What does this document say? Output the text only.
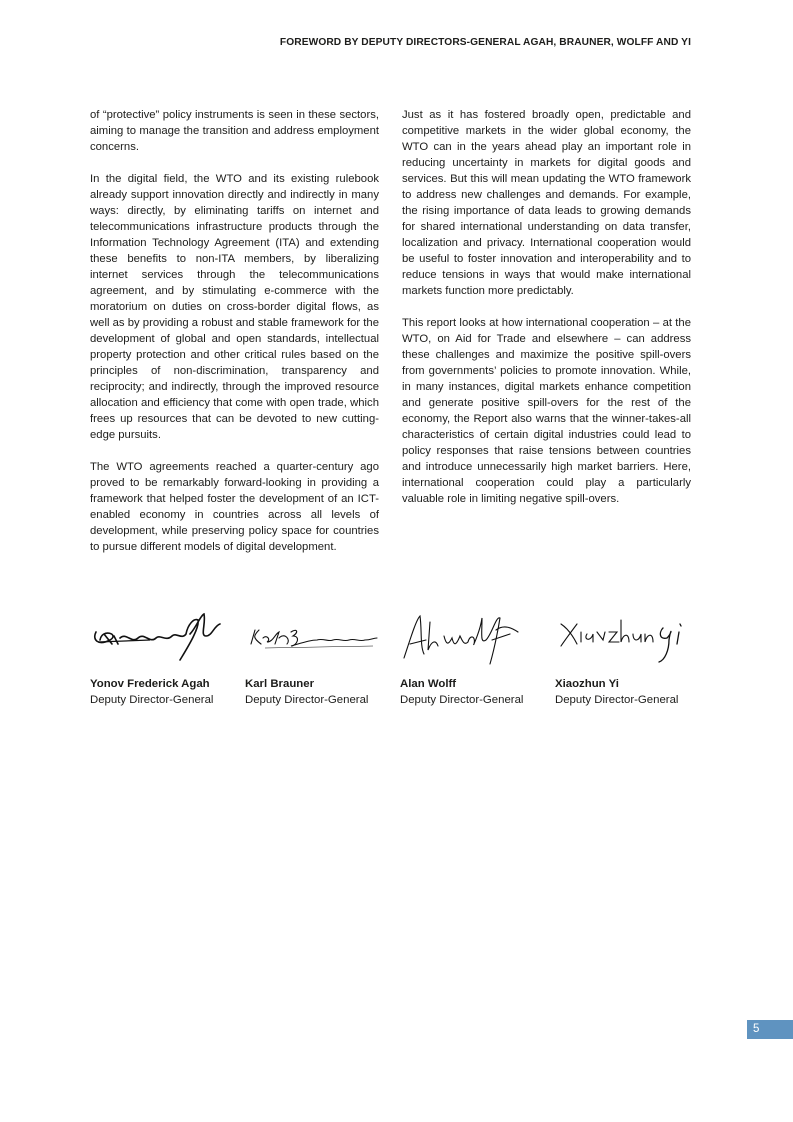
FOREWORD BY DEPUTY DIRECTORS-GENERAL AGAH, BRAUNER, WOLFF AND YI

of “protective” policy instruments is seen in these sectors, aiming to manage the transition and address employment concerns.

In the digital field, the WTO and its existing rulebook already support innovation directly and indirectly in many ways: directly, by eliminating tariffs on internet and telecommunications infrastructure products through the Information Technology Agreement (ITA) and extending these benefits to non-ITA members, by liberalizing internet services through the telecommunications agreement, and by stimulating e-commerce with the moratorium on duties on cross-border digital flows, as well as by providing a robust and stable framework for the development of global and open standards, intellectual property protection and other critical rules based on the principles of non-discrimination, transparency and reciprocity; and indirectly, through the improved resource allocation and efficiency that come with open trade, which frees up resources that can be devoted to new cutting-edge pursuits.

The WTO agreements reached a quarter-century ago proved to be remarkably forward-looking in providing a framework that helped foster the development of an ICT-enabled economy in countries across all levels of development, while preserving policy space for countries to pursue different models of digital development.

Just as it has fostered broadly open, predictable and competitive markets in the wider global economy, the WTO can in the years ahead play an important role in reducing uncertainty in markets for digital goods and services. But this will mean updating the WTO framework to address new challenges and demands. For example, the rising importance of data leads to growing demands for shared international understanding on data transfer, localization and privacy. International cooperation would be useful to foster innovation and interoperability and to reduce tensions in ways that would make international markets function more predictably.

This report looks at how international cooperation – at the WTO, on Aid for Trade and elsewhere – can address these challenges and maximize the positive spill-overs from governments’ policies to promote innovation. While, in many instances, digital markets enhance competition and generate positive spill-overs for the rest of the economy, the Report also warns that the winner-takes-all characteristics of certain digital industries could lead to policy responses that raise tensions between countries and introduce unnecessarily high market barriers. Here, international cooperation could play a particularly valuable role in limiting negative spill-overs.

Yonov Frederick Agah
Deputy Director-General
Karl Brauner
Deputy Director-General
Alan Wolff
Deputy Director-General
Xiaozhun Yi
Deputy Director-General
5
